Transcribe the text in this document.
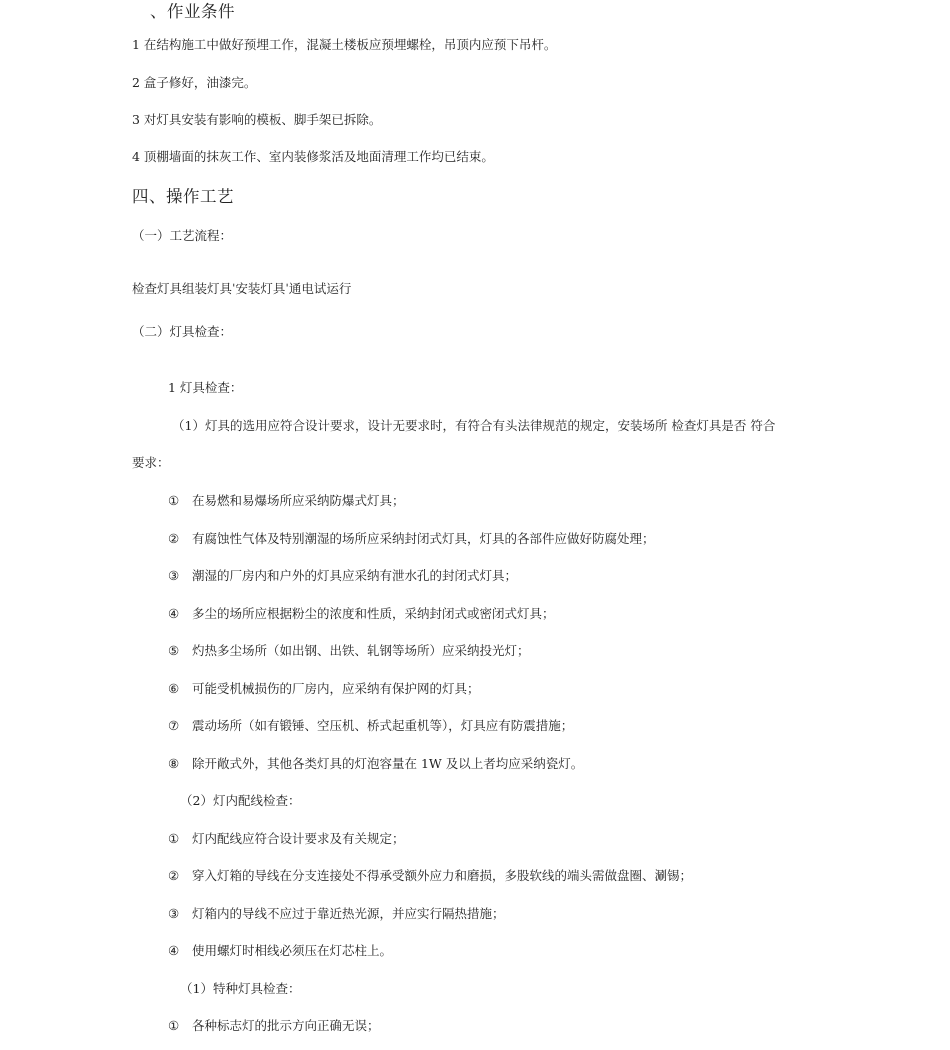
、作业条件
1 在结构施工中做好预埋工作，混凝土楼板应预埋螺栓，吊顶内应预下吊杆。
2 盒子修好，油漆完。
3 对灯具安装有影响的模板、脚手架已拆除。
4 顶棚墙面的抹灰工作、室内装修浆活及地面清理工作均已结束。
四、操作工艺
（一）工艺流程：
检查灯具组装灯具ˈ安装灯具ˈ通电试运行
（二）灯具检查：
1 灯具检查：
（1）灯具的选用应符合设计要求，设计无要求时，有符合有头法律规范的规定，安装场所 检查灯具是否 符合
要求：
① 在易燃和易爆场所应采纳防爆式灯具；
② 有腐蚀性气体及特别潮湿的场所应采纳封闭式灯具，灯具的各部件应做好防腐处理；
③ 潮湿的厂房内和户外的灯具应采纳有泄水孔的封闭式灯具；
④ 多尘的场所应根据粉尘的浓度和性质，采纳封闭式或密闭式灯具；
⑤ 灼热多尘场所（如出钢、出铁、轧钢等场所）应采纳投光灯；
⑥ 可能受机械损伤的厂房内，应采纳有保护网的灯具；
⑦ 震动场所（如有锻锤、空压机、桥式起重机等），灯具应有防震措施；
⑧ 除开敞式外，其他各类灯具的灯泡容量在 1W 及以上者均应采纳瓷灯。
（2）灯内配线检查：
① 灯内配线应符合设计要求及有关规定；
② 穿入灯箱的导线在分支连接处不得承受额外应力和磨损，多股软线的端头需做盘圈、涮锡；
③ 灯箱内的导线不应过于靠近热光源，并应实行隔热措施；
④ 使用螺灯时相线必须压在灯芯柱上。
（1）特种灯具检查：
① 各种标志灯的批示方向正确无误；
